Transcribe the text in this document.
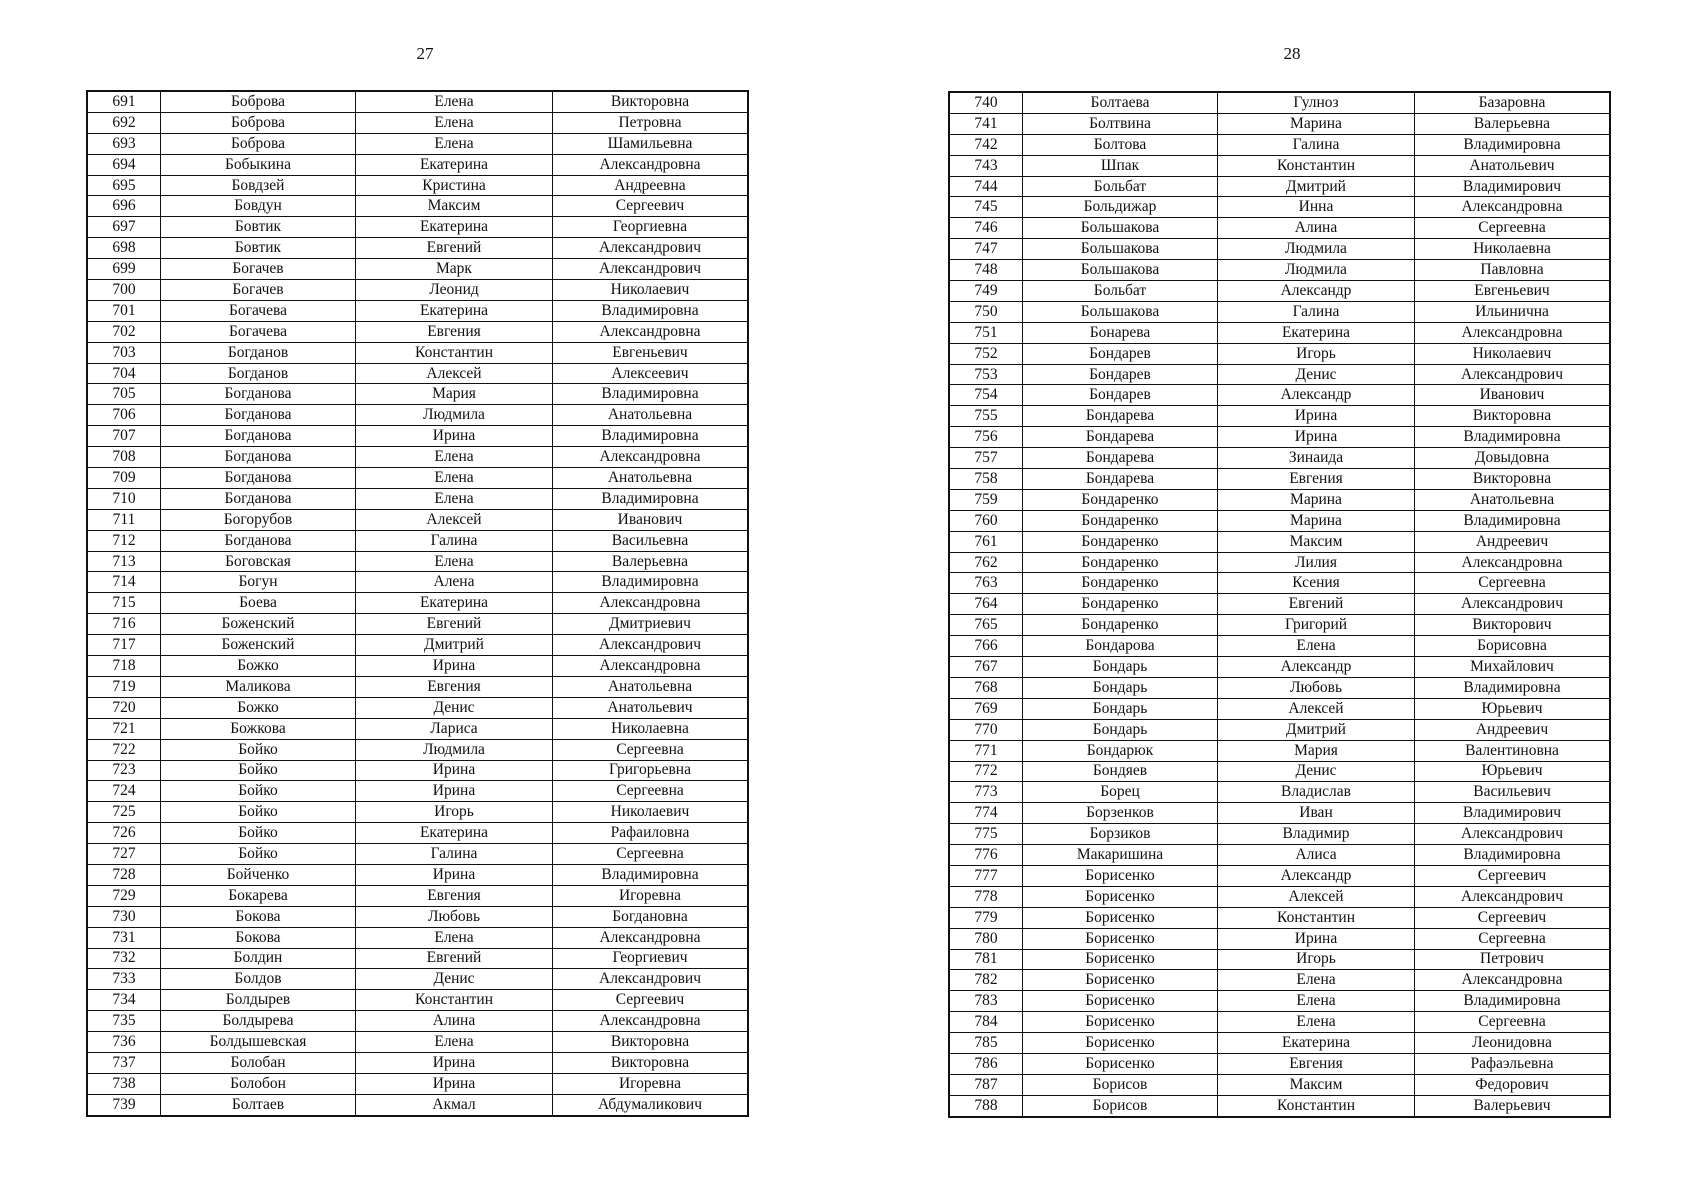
27	28
691	Боброва	Елена	Викторовна
692	Боброва	Елена	Петровна
693	Боброва	Елена	Шамильевна
694	Бобыкина	Екатерина	Александровна
695	Бовдзей	Кристина	Андреевна
696	Бовдун	Максим	Сергеевич
697	Бовтик	Екатерина	Георгиевна
698	Бовтик	Евгений	Александрович
699	Богачев	Марк	Александрович
700	Богачев	Леонид	Николаевич
701	Богачева	Екатерина	Владимировна
702	Богачева	Евгения	Александровна
703	Богданов	Константин	Евгеньевич
704	Богданов	Алексей	Алексеевич
705	Богданова	Мария	Владимировна
706	Богданова	Людмила	Анатольевна
707	Богданова	Ирина	Владимировна
708	Богданова	Елена	Александровна
709	Богданова	Елена	Анатольевна
710	Богданова	Елена	Владимировна
711	Богорубов	Алексей	Иванович
712	Богданова	Галина	Васильевна
713	Боговская	Елена	Валерьевна
714	Богун	Алена	Владимировна
715	Боева	Екатерина	Александровна
716	Боженский	Евгений	Дмитриевич
717	Боженский	Дмитрий	Александрович
718	Божко	Ирина	Александровна
719	Маликова	Евгения	Анатольевна
720	Божко	Денис	Анатольевич
721	Божкова	Лариса	Николаевна
722	Бойко	Людмила	Сергеевна
723	Бойко	Ирина	Григорьевна
724	Бойко	Ирина	Сергеевна
725	Бойко	Игорь	Николаевич
726	Бойко	Екатерина	Рафаиловна
727	Бойко	Галина	Сергеевна
728	Бойченко	Ирина	Владимировна
729	Бокарева	Евгения	Игоревна
730	Бокова	Любовь	Богдановна
731	Бокова	Елена	Александровна
732	Болдин	Евгений	Георгиевич
733	Болдов	Денис	Александрович
734	Болдырев	Константин	Сергеевич
735	Болдырева	Алина	Александровна
736	Болдышевская	Елена	Викторовна
737	Болобан	Ирина	Викторовна
738	Болобон	Ирина	Игоревна
739	Болтаев	Акмал	Абдумаликович
740	Болтаева	Гулноз	Базаровна
741	Болтвина	Марина	Валерьевна
742	Болтова	Галина	Владимировна
743	Шпак	Константин	Анатольевич
744	Больбат	Дмитрий	Владимирович
745	Больдижар	Инна	Александровна
746	Большакова	Алина	Сергеевна
747	Большакова	Людмила	Николаевна
748	Большакова	Людмила	Павловна
749	Больбат	Александр	Евгеньевич
750	Большакова	Галина	Ильинична
751	Бонарева	Екатерина	Александровна
752	Бондарев	Игорь	Николаевич
753	Бондарев	Денис	Александрович
754	Бондарев	Александр	Иванович
755	Бондарева	Ирина	Викторовна
756	Бондарева	Ирина	Владимировна
757	Бондарева	Зинаида	Довыдовна
758	Бондарева	Евгения	Викторовна
759	Бондаренко	Марина	Анатольевна
760	Бондаренко	Марина	Владимировна
761	Бондаренко	Максим	Андреевич
762	Бондаренко	Лилия	Александровна
763	Бондаренко	Ксения	Сергеевна
764	Бондаренко	Евгений	Александрович
765	Бондаренко	Григорий	Викторович
766	Бондарова	Елена	Борисовна
767	Бондарь	Александр	Михайлович
768	Бондарь	Любовь	Владимировна
769	Бондарь	Алексей	Юрьевич
770	Бондарь	Дмитрий	Андреевич
771	Бондарюк	Мария	Валентиновна
772	Бондяев	Денис	Юрьевич
773	Борец	Владислав	Васильевич
774	Борзенков	Иван	Владимирович
775	Борзиков	Владимир	Александрович
776	Макаришина	Алиса	Владимировна
777	Борисенко	Александр	Сергеевич
778	Борисенко	Алексей	Александрович
779	Борисенко	Константин	Сергеевич
780	Борисенко	Ирина	Сергеевна
781	Борисенко	Игорь	Петрович
782	Борисенко	Елена	Александровна
783	Борисенко	Елена	Владимировна
784	Борисенко	Елена	Сергеевна
785	Борисенко	Екатерина	Леонидовна
786	Борисенко	Евгения	Рафаэльевна
787	Борисов	Максим	Федорович
788	Борисов	Константин	Валерьевич
